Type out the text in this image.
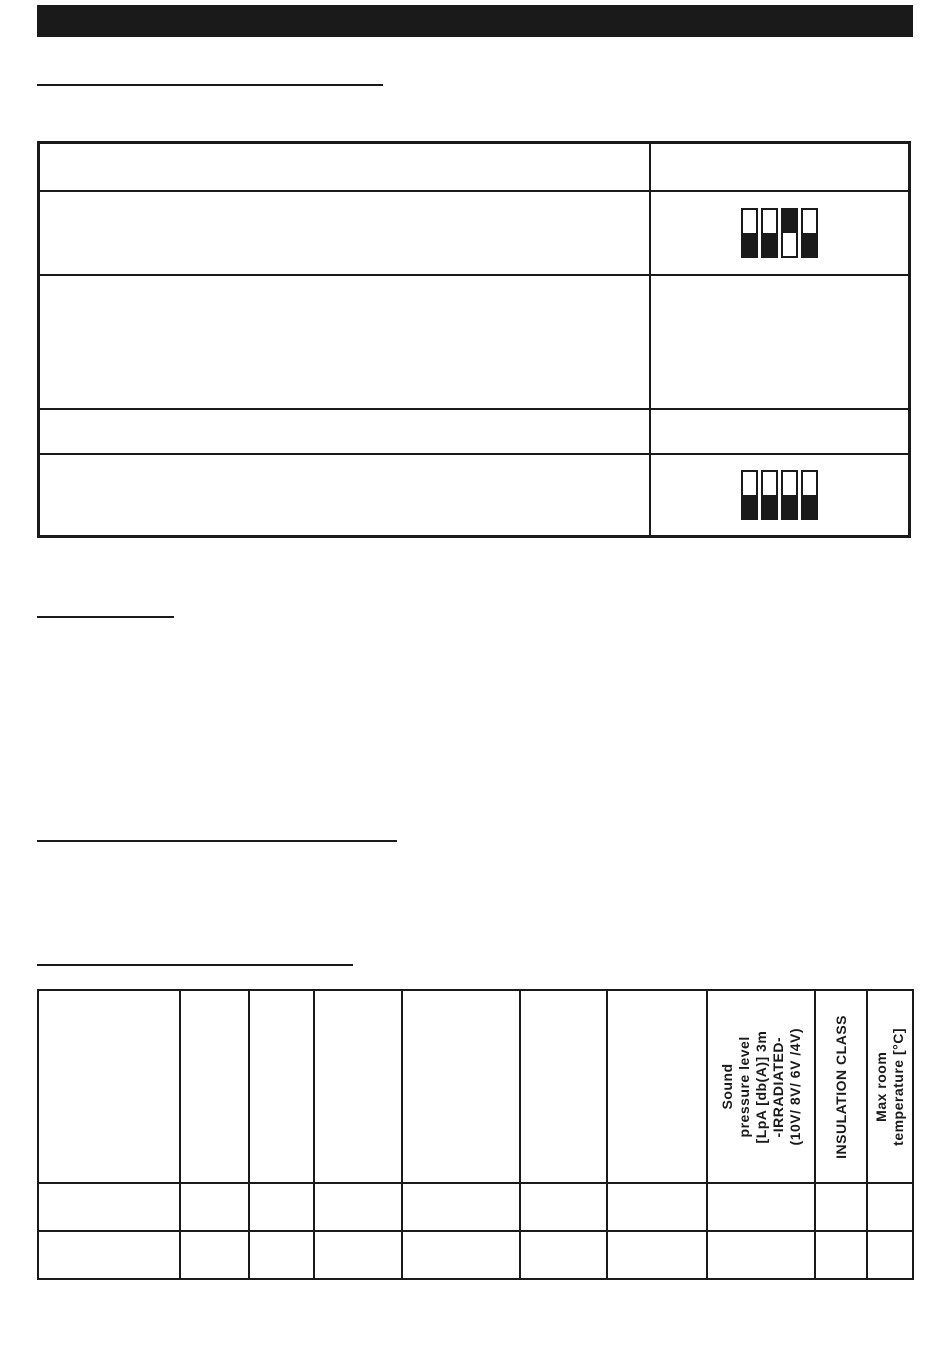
							Sound pressure level [LpA [db(A)] 3m -IRRADIATED- (10V/ 8V/ 6V /4V)	INSULATION CLASS	Max room temperature [°C]
